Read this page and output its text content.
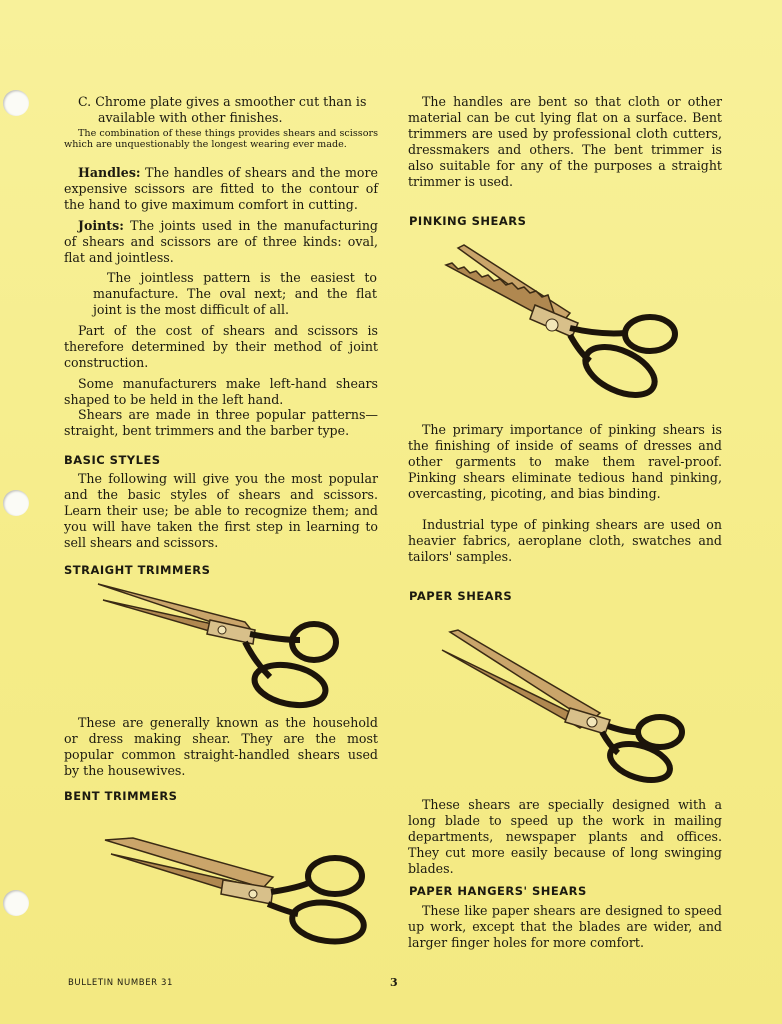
C. Chrome plate gives a smoother cut than is

available with other finishes.

The combination of these things provides shears and scissors which are unquestionably the longest wearing ever made.

Handles: The handles of shears and the more expensive scissors are fitted to the contour of the hand to give maximum comfort in cutting.

Joints: The joints used in the manufacturing of shears and scissors are of three kinds: oval, flat and jointless.

The jointless pattern is the easiest to manufacture. The oval next; and the flat joint is the most difficult of all.

Part of the cost of shears and scissors is therefore determined by their method of joint construction.

Some manufacturers make left-hand shears shaped to be held in the left hand.

Shears are made in three popular patterns—straight, bent trimmers and the barber type.

BASIC STYLES

The following will give you the most popular and the basic styles of shears and scissors. Learn their use; be able to recognize them; and you will have taken the first step in learning to sell shears and scissors.

STRAIGHT TRIMMERS

These are generally known as the household or dress making shear. They are the most popular common straight-handled shears used by the housewives.

BENT TRIMMERS

The handles are bent so that cloth or other material can be cut lying flat on a surface. Bent trimmers are used by professional cloth cutters, dressmakers and others. The bent trimmer is also suitable for any of the purposes a straight trimmer is used.

PINKING SHEARS

The primary importance of pinking shears is the finishing of inside of seams of dresses and other garments to make them ravel-proof. Pinking shears eliminate tedious hand pinking, overcasting, picoting, and bias binding.

Industrial type of pinking shears are used on heavier fabrics, aeroplane cloth, swatches and tailors' samples.

PAPER SHEARS

These shears are specially designed with a long blade to speed up the work in mailing departments, newspaper plants and offices. They cut more easily because of long swinging blades.

PAPER HANGERS' SHEARS

These like paper shears are designed to speed up work, except that the blades are wider, and larger finger holes for more comfort.

BULLETIN NUMBER 31	3
